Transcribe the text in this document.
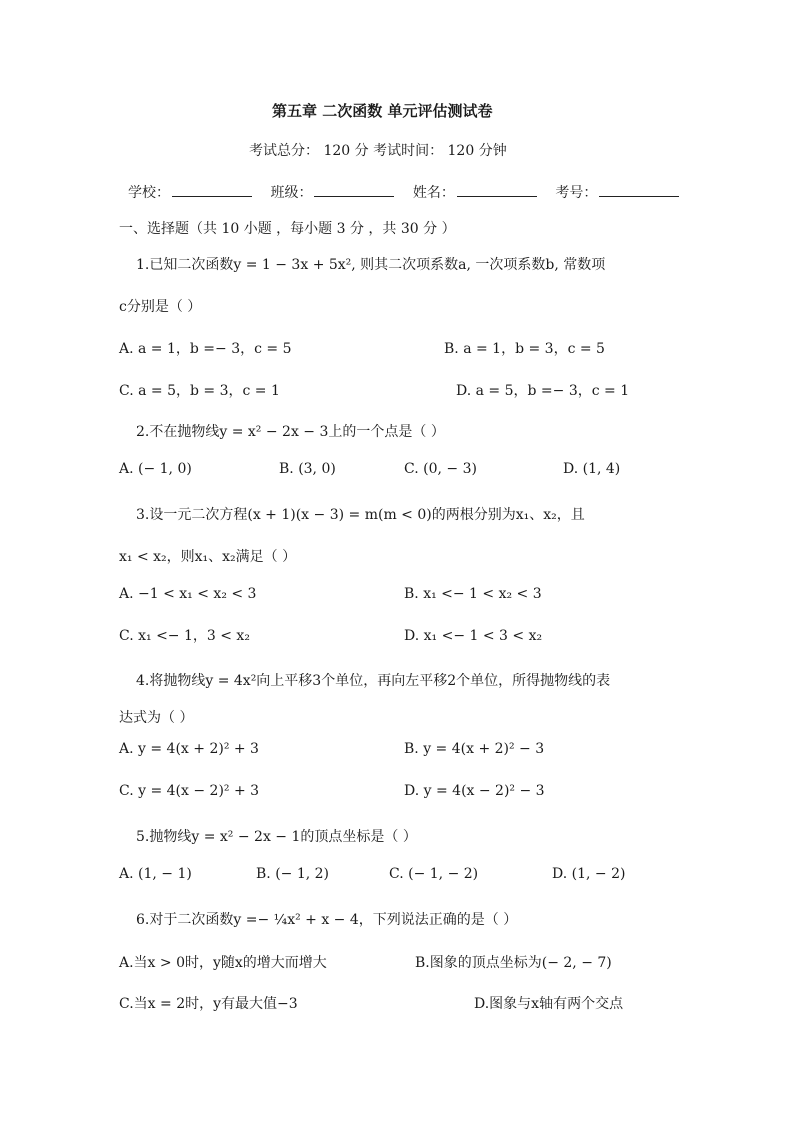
第五章 二次函数 单元评估测试卷
考试总分： 120 分 考试时间： 120 分钟
学校：	班级：	姓名：	考号：
一、选择题（共 10 小题 ，每小题 3 分 ，共 30 分 ）
1.已知二次函数y = 1 − 3x + 5x², 则其二次项系数a, 一次项系数b, 常数项
c分别是（ ）
A. a = 1，b =− 3，c = 5	B. a = 1，b = 3，c = 5
C. a = 5，b = 3，c = 1	D. a = 5，b =− 3，c = 1
2.不在抛物线y = x² − 2x − 3上的一个点是（ ）
A. (− 1, 0)	B. (3, 0)	C. (0, − 3)	D. (1, 4)
3.设一元二次方程(x + 1)(x − 3) = m(m < 0)的两根分别为x₁、x₂，且
x₁ < x₂，则x₁、x₂满足（ ）
A. −1 < x₁ < x₂ < 3	B. x₁ <− 1 < x₂ < 3
C. x₁ <− 1，3 < x₂	D. x₁ <− 1 < 3 < x₂
4.将抛物线y = 4x²向上平移3个单位，再向左平移2个单位，所得抛物线的表
达式为（ ）
A. y = 4(x + 2)² + 3	B. y = 4(x + 2)² − 3
C. y = 4(x − 2)² + 3	D. y = 4(x − 2)² − 3
5.抛物线y = x² − 2x − 1的顶点坐标是（ ）
A. (1, − 1)	B. (− 1, 2)	C. (− 1, − 2)	D. (1, − 2)
6.对于二次函数y =− ¼x² + x − 4，下列说法正确的是（ ）
A.当x > 0时，y随x的增大而增大	B.图象的顶点坐标为(− 2, − 7)
C.当x = 2时，y有最大值−3	D.图象与x轴有两个交点
